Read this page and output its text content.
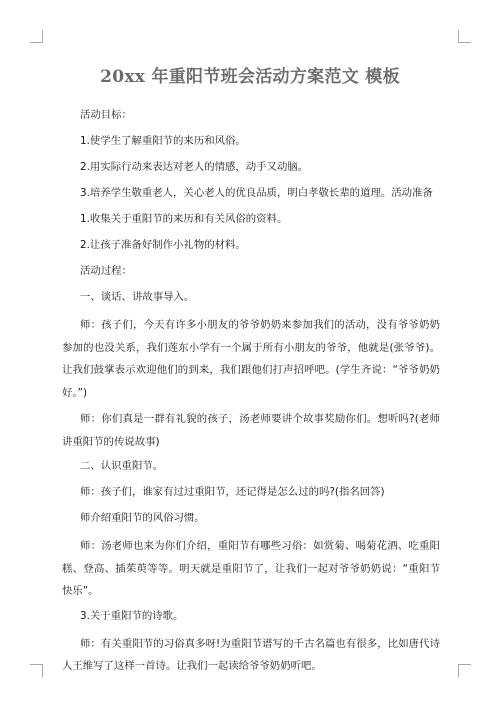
20xx 年重阳节班会活动方案范文 模板

活动目标：

1.使学生了解重阳节的来历和风俗。

2.用实际行动来表达对老人的情感，动手又动脑。

3.培养学生敬重老人，关心老人的优良品质，明白孝敬长辈的道理。活动准备

1.收集关于重阳节的来历和有关风俗的资料。

2.让孩子准备好制作小礼物的材料。

活动过程：

一、谈话、讲故事导入。

师：孩子们，今天有许多小朋友的爷爷奶奶来参加我们的活动，没有爷爷奶奶参加的也没关系，我们莲东小学有一个属于所有小朋友的爷爷，他就是(张爷爷)。让我们鼓掌表示欢迎他们的到来，我们跟他们打声招呼吧。(学生齐说：“爷爷奶奶好。”)

师：你们真是一群有礼貌的孩子，汤老师要讲个故事奖励你们。想听吗?(老师讲重阳节的传说故事)

二、认识重阳节。

师：孩子们，谁家有过过重阳节，还记得是怎么过的吗?(指名回答)

师介绍重阳节的风俗习惯。

师：汤老师也来为你们介绍，重阳节有哪些习俗：如赏菊、喝菊花酒、吃重阳糕、登高、插茱萸等等。明天就是重阳节了，让我们一起对爷爷奶奶说：“重阳节快乐”。

3.关于重阳节的诗歌。

师：有关重阳节的习俗真多呀!为重阳节谱写的千古名篇也有很多，比如唐代诗人王维写了这样一首诗。让我们一起读给爷爷奶奶听吧。
